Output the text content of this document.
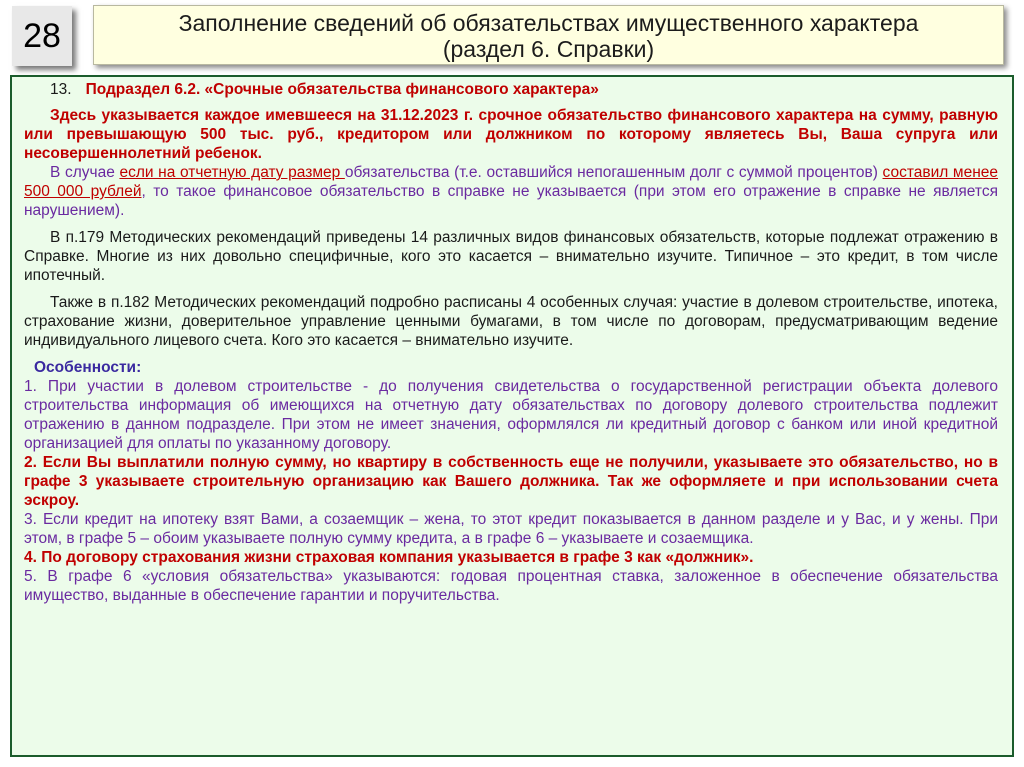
28	Заполнение сведений об обязательствах имущественного характера
(раздел 6. Справки)

13. Подраздел 6.2. «Срочные обязательства финансового характера»

Здесь указывается каждое имевшееся на 31.12.2023 г. срочное обязательство финансового характера на сумму, равную или превышающую 500 тыс. руб., кредитором или должником по которому являетесь Вы, Ваша супруга или несовершеннолетний ребенок.

В случае если на отчетную дату размер обязательства (т.е. оставшийся непогашенным долг с суммой процентов) составил менее 500 000 рублей, то такое финансовое обязательство в справке не указывается (при этом его отражение в справке не является нарушением).

В п.179 Методических рекомендаций приведены 14 различных видов финансовых обязательств, которые подлежат отражению в Справке. Многие из них довольно специфичные, кого это касается – внимательно изучите. Типичное – это кредит, в том числе ипотечный.

Также в п.182 Методических рекомендаций подробно расписаны 4 особенных случая: участие в долевом строительстве, ипотека, страхование жизни, доверительное управление ценными бумагами, в том числе по договорам, предусматривающим ведение индивидуального лицевого счета. Кого это касается – внимательно изучите.

Особенности:

1. При участии в долевом строительстве - до получения свидетельства о государственной регистрации объекта долевого строительства информация об имеющихся на отчетную дату обязательствах по договору долевого строительства подлежит отражению в данном подразделе. При этом не имеет значения, оформлялся ли кредитный договор с банком или иной кредитной организацией для оплаты по указанному договору.

2. Если Вы выплатили полную сумму, но квартиру в собственность еще не получили, указываете это обязательство, но в графе 3 указываете строительную организацию как Вашего должника. Так же оформляете и при использовании счета эскроу.

3. Если кредит на ипотеку взят Вами, а созаемщик – жена, то этот кредит показывается в данном разделе и у Вас, и у жены. При этом, в графе 5 – обоим указываете полную сумму кредита, а в графе 6 – указываете и созаемщика.

4. По договору страхования жизни страховая компания указывается в графе 3 как «должник».

5. В графе 6 «условия обязательства» указываются: годовая процентная ставка, заложенное в обеспечение обязательства имущество, выданные в обеспечение гарантии и поручительства.
